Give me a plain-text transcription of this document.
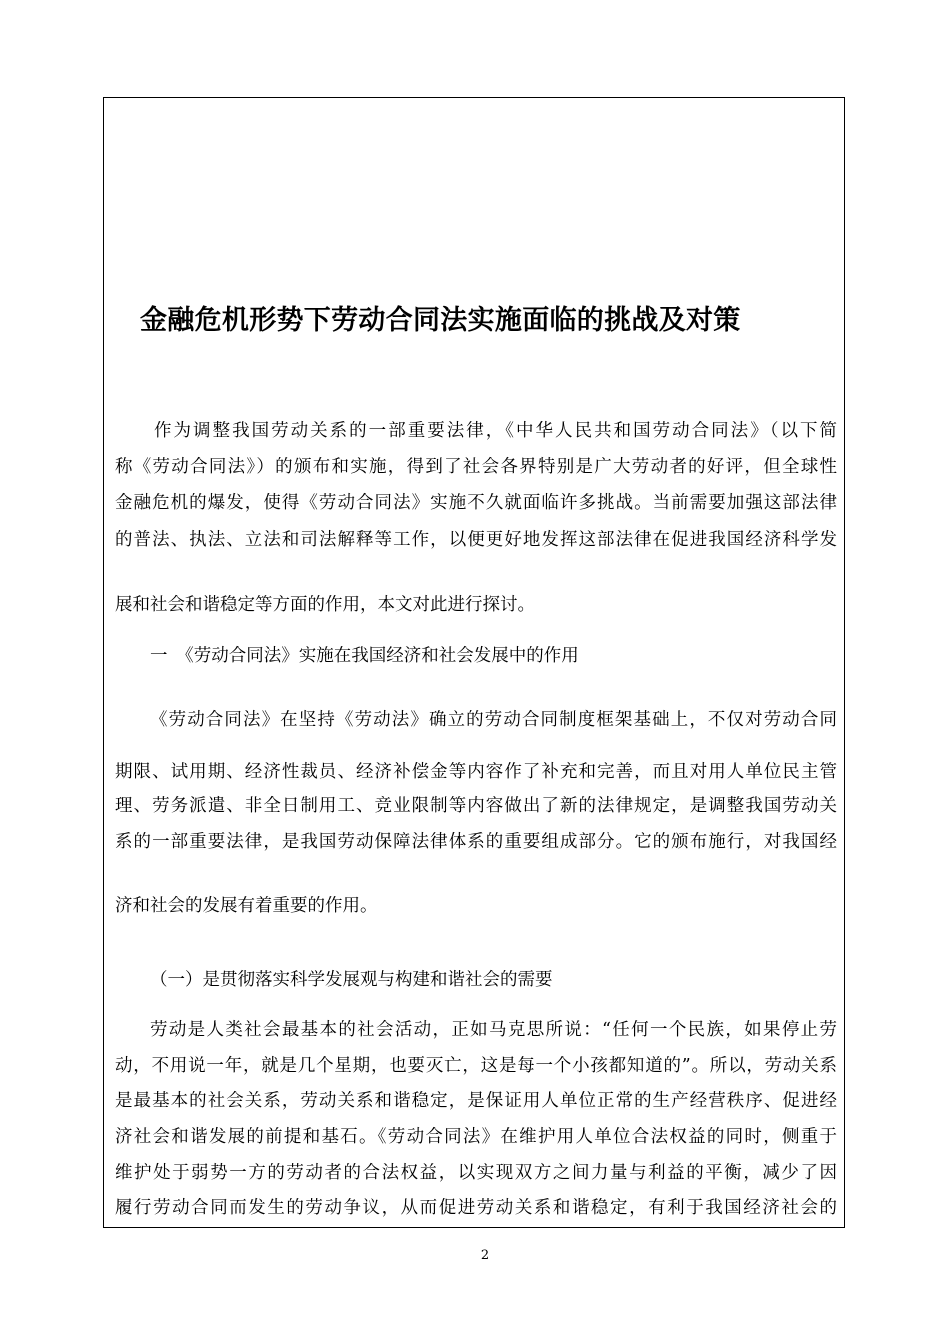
金融危机形势下劳动合同法实施面临的挑战及对策
　　作为调整我国劳动关系的一部重要法律，《中华人民共和国劳动合同法》（以下简
称《劳动合同法》）的颁布和实施，得到了社会各界特别是广大劳动者的好评，但全球性
金融危机的爆发，使得《劳动合同法》实施不久就面临许多挑战。当前需要加强这部法律
的普法、执法、立法和司法解释等工作，以便更好地发挥这部法律在促进我国经济科学发
展和社会和谐稳定等方面的作用，本文对此进行探讨。
一　《劳动合同法》实施在我国经济和社会发展中的作用
《劳动合同法》在坚持《劳动法》确立的劳动合同制度框架基础上，不仅对劳动合同
期限、试用期、经济性裁员、经济补偿金等内容作了补充和完善，而且对用人单位民主管
理、劳务派遣、非全日制用工、竞业限制等内容做出了新的法律规定，是调整我国劳动关
系的一部重要法律，是我国劳动保障法律体系的重要组成部分。它的颁布施行，对我国经
济和社会的发展有着重要的作用。
（一）是贯彻落实科学发展观与构建和谐社会的需要
劳动是人类社会最基本的社会活动，正如马克思所说：“任何一个民族，如果停止劳
动，不用说一年，就是几个星期，也要灭亡，这是每一个小孩都知道的”。所以，劳动关系
是最基本的社会关系，劳动关系和谐稳定，是保证用人单位正常的生产经营秩序、促进经
济社会和谐发展的前提和基石。《劳动合同法》在维护用人单位合法权益的同时，侧重于
维护处于弱势一方的劳动者的合法权益，以实现双方之间力量与利益的平衡，减少了因
履行劳动合同而发生的劳动争议，从而促进劳动关系和谐稳定，有利于我国经济社会的
2
